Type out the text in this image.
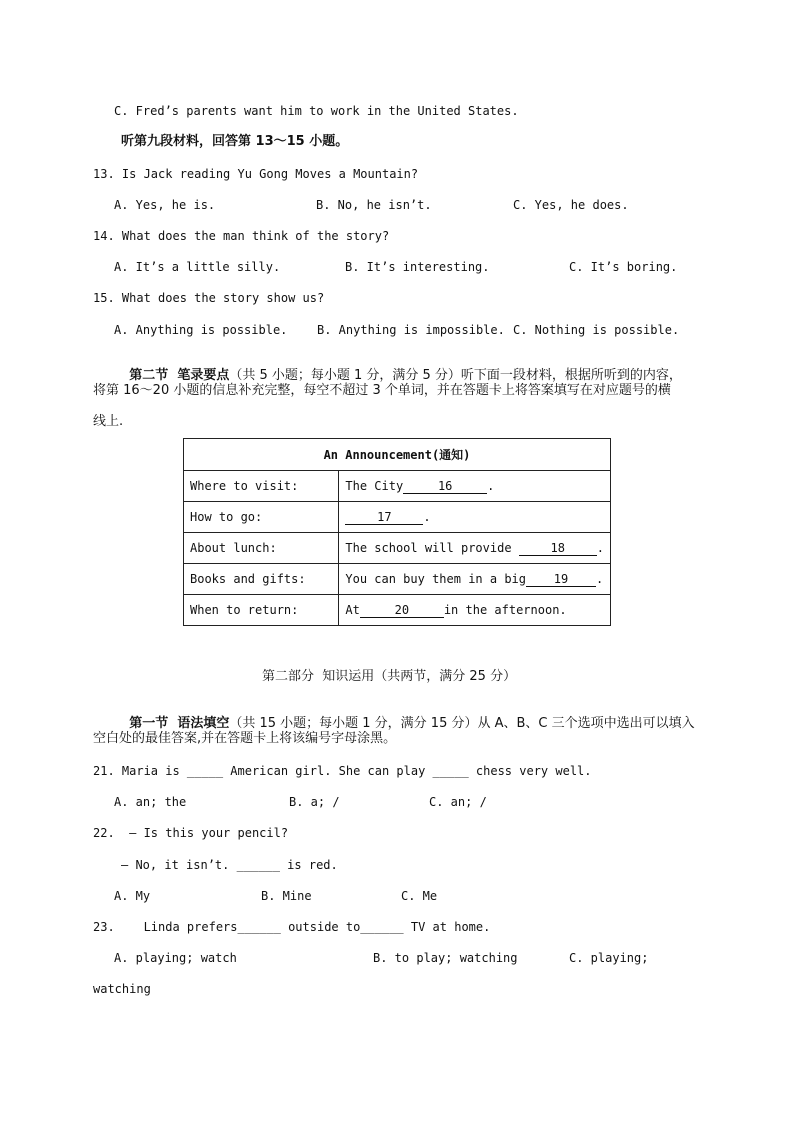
C. Fred’s parents want him to work in the United States.
听第九段材料，回答第 13～15 小题。
13. Is Jack reading Yu Gong Moves a Mountain?
A. Yes, he is.	B. No, he isn’t.	C. Yes, he does.
14. What does the man think of the story?
A. It’s a little silly.	B. It’s interesting.	C. It’s boring.
15. What does the story show us?
A. Anything is possible. B. Anything is impossible. C. Nothing is possible.

第二节  笔录要点（共 5 小题；每小题 1 分，满分 5 分）听下面一段材料，根据所听到的内容，

将第 16～20 小题的信息补充完整，每空不超过 3 个单词，并在答题卡上将答案填写在对应题号的横
线上.
An Announcement(通知)	
Where to visit:	The City 16 .
How to go:	17 .
About lunch:	The school will provide 18 .
Books and gifts:	You can buy them in a big 19 .
When to return:	At 20 in the afternoon.
第二部分  知识运用（共两节，满分 25 分）

第一节  语法填空（共 15 小题；每小题 1 分，满分 15 分）从 A、B、C 三个选项中选出可以填入

空白处的最佳答案,并在答题卡上将该编号字母涂黑。
21. Maria is _____ American girl. She can play _____ chess very well.
A. an; the	B. a; /	C. an; /
22.  – Is this your pencil?
– No, it isn’t. ______ is red.
A. My	B. Mine	C. Me
23.    Linda prefers______ outside to______ TV at home.
A. playing; watch	B. to play; watching	C. playing;
watching
